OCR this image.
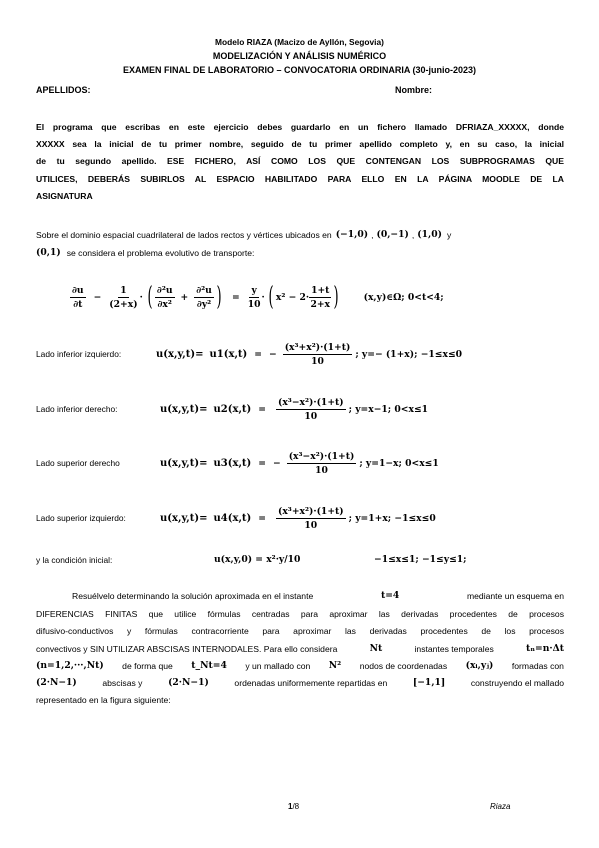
Modelo RIAZA (Macizo de Ayllón, Segovia)
MODELIZACIÓN Y ANÁLISIS NUMÉRICO
EXAMEN FINAL DE LABORATORIO – CONVOCATORIA ORDINARIA (30-junio-2023)
APELLIDOS:	Nombre:
El programa que escribas en este ejercicio debes guardarlo en un fichero llamado DFRIAZA_XXXXX, donde
XXXXX sea la inicial de tu primer nombre, seguido de tu primer apellido completo y, en su caso, la inicial
de tu segundo apellido. ESE FICHERO, ASÍ COMO LOS QUE CONTENGAN LOS SUBPROGRAMAS QUE
UTILICES, DEBERÁS SUBIRLOS AL ESPACIO HABILITADO PARA ELLO EN LA PÁGINA MOODLE DE LA
ASIGNATURA
Sobre el dominio espacial cuadrilateral de lados rectos y vértices ubicados en (−1,0) , (0,−1) , (1,0) y
(0,1) se considera el problema evolutivo de transporte:
$\frac{\partial u}{\partial t} - \frac{1}{(2+x)}$ · ( $\frac{\text{∂²u}}{\text{∂x²}} + \frac{\text{∂²u}}{\text{∂y²}}$ ) = $\frac{y}{10}$ · ( $x^2 - 2\cdot \frac{1+t}{2+x}$ )	(x,y)∈Ω; 0<t<4;
Lado inferior izquierdo:	u(x,y,t)= u1(x,t) = − $\frac{\text{(x³+x²)·(1+t)}}{10}$ ; y=− (1+x); −1≤x≤0
Lado inferior derecho:	$u(x,y,t)= u2(x,t) = \frac{\text{(x³−x²)·(1+t)}}{10}$ ; y=x−1; 0<x≤1
Lado superior derecho	u(x,y,t)= u3(x,t) = − $\frac{\text{(x³−x²)·(1+t)}}{10}$ ; y=1−x; 0<x≤1
Lado superior izquierdo:	$u(x,y,t)= u4(x,t) = \frac{\text{(x³+x²)·(1+t)}}{10}$ ; y=1+x; −1≤x≤0
y la condición inicial:	u(x,y,0) = x²·y/10	−1≤x≤1; −1≤y≤1;
Resuélvelo determinando la solución aproximada en el instante	t=4	mediante un esquema en
DIFERENCIAS FINITAS que utilice fórmulas centradas para aproximar las derivadas procedentes de procesos
difusivo-conductivos y fórmulas contracorriente para aproximar las derivadas procedentes de los procesos
convectivos y SIN UTILIZAR ABSCISAS INTERNODALES. Para ello considera	Nt	instantes temporales	tₙ=n·Δt
(n=1,2,···,Nt) de forma que t_Nt=4 y un mallado con N² nodos de coordenadas (xᵢ,yⱼ) formadas con
(2·N−1)	abscisas y	(2·N−1)	ordenadas uniformemente repartidas en	[−1,1]	construyendo el mallado
representado en la figura siguiente:
1/8	Riaza
